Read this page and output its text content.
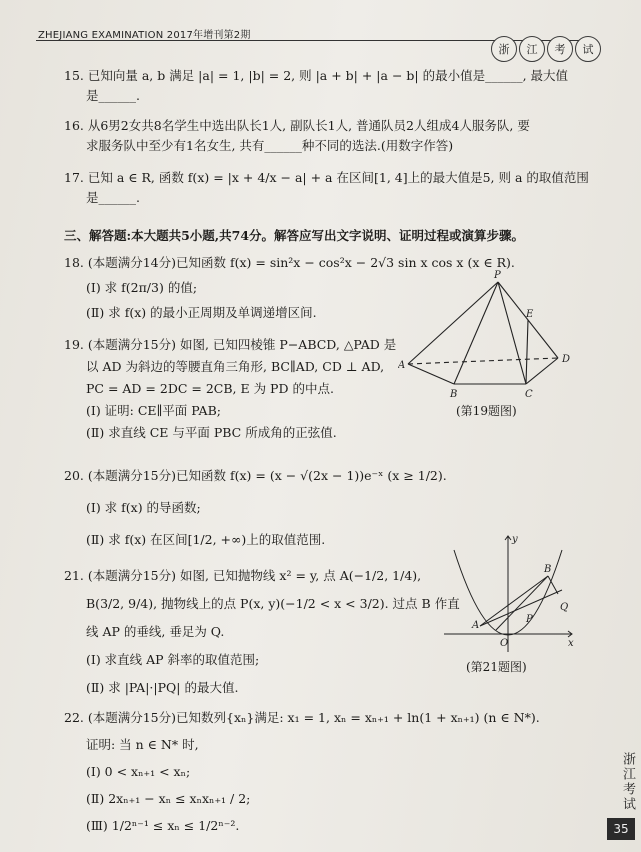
ZHEJIANG EXAMINATION 2017年增刊第2期
浙	江	考	试
15. 已知向量 a, b 满足 |a| = 1, |b| = 2, 则 |a + b| + |a − b| 的最小值是______, 最大值
是______.
16. 从6男2女共8名学生中选出队长1人, 副队长1人, 普通队员2人组成4人服务队, 要
求服务队中至少有1名女生, 共有______种不同的选法.(用数字作答)
17. 已知 a ∈ R, 函数 f(x) = |x + 4/x − a| + a 在区间[1, 4]上的最大值是5, 则 a 的取值范围
是______.
三、解答题:本大题共5小题,共74分。解答应写出文字说明、证明过程或演算步骤。
18. (本题满分14分)已知函数 f(x) = sin²x − cos²x − 2√3 sin x cos x (x ∈ R).
(Ⅰ) 求 f(2π/3) 的值;
(Ⅱ) 求 f(x) 的最小正周期及单调递增区间.
19. (本题满分15分) 如图, 已知四棱锥 P−ABCD, △PAD 是
以 AD 为斜边的等腰直角三角形, BC∥AD, CD ⊥ AD,
PC = AD = 2DC = 2CB, E 为 PD 的中点.
(Ⅰ) 证明: CE∥平面 PAB;
(Ⅱ) 求直线 CE 与平面 PBC 所成角的正弦值.
P
A
B	C
D
E
(第19题图)
20. (本题满分15分)已知函数 f(x) = (x − √(2x − 1))e⁻ˣ (x ≥ 1/2).
(Ⅰ) 求 f(x) 的导函数;
(Ⅱ) 求 f(x) 在区间[1/2, +∞)上的取值范围.
21. (本题满分15分) 如图, 已知抛物线 x² = y, 点 A(−1/2, 1/4),
B(3/2, 9/4), 抛物线上的点 P(x, y)(−1/2 < x < 3/2). 过点 B 作直
线 AP 的垂线, 垂足为 Q.
(Ⅰ) 求直线 AP 斜率的取值范围;
(Ⅱ) 求 |PA|·|PQ| 的最大值.
y
x
O
A
B
P
Q
(第21题图)
22. (本题满分15分)已知数列{xₙ}满足: x₁ = 1, xₙ = xₙ₊₁ + ln(1 + xₙ₊₁) (n ∈ N*).
证明: 当 n ∈ N* 时,
(Ⅰ) 0 < xₙ₊₁ < xₙ;
(Ⅱ) 2xₙ₊₁ − xₙ ≤ xₙxₙ₊₁ / 2;
(Ⅲ) 1/2ⁿ⁻¹ ≤ xₙ ≤ 1/2ⁿ⁻².
浙江考试
35
